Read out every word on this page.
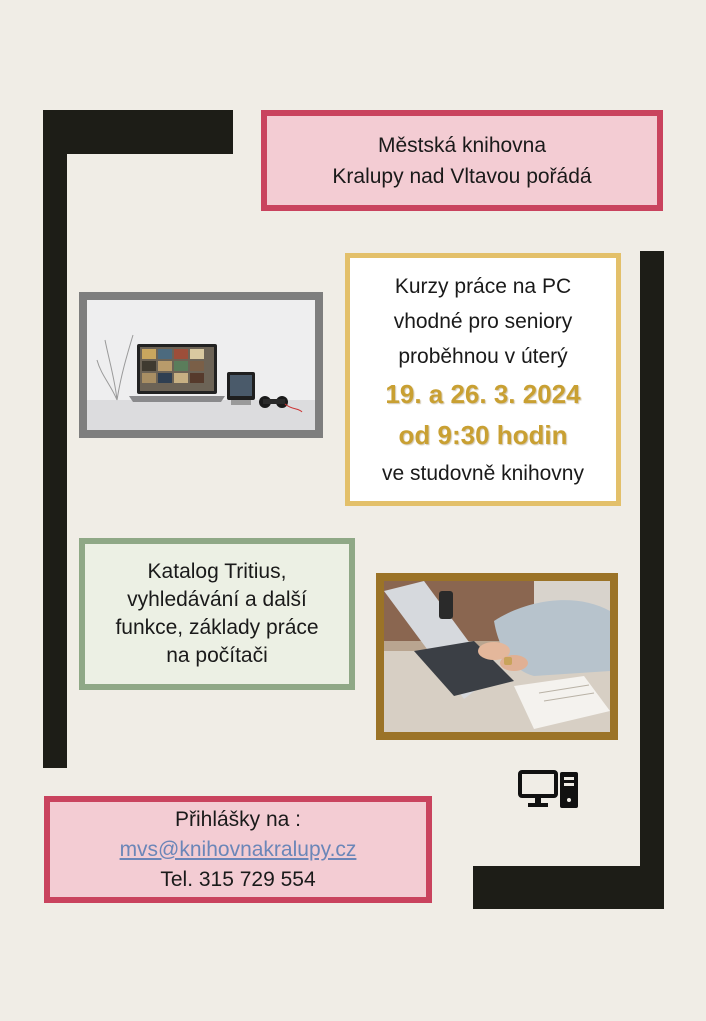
Městská knihovna
Kralupy nad Vltavou pořádá
Kurzy práce na PC
vhodné pro seniory
proběhnou v úterý
19. a 26. 3. 2024
od 9:30 hodin
ve studovně knihovny
Katalog Tritius,
vyhledávání a další
funkce, základy práce
na počítači
Přihlášky na :
mvs@knihovnakralupy.cz
Tel. 315 729 554
